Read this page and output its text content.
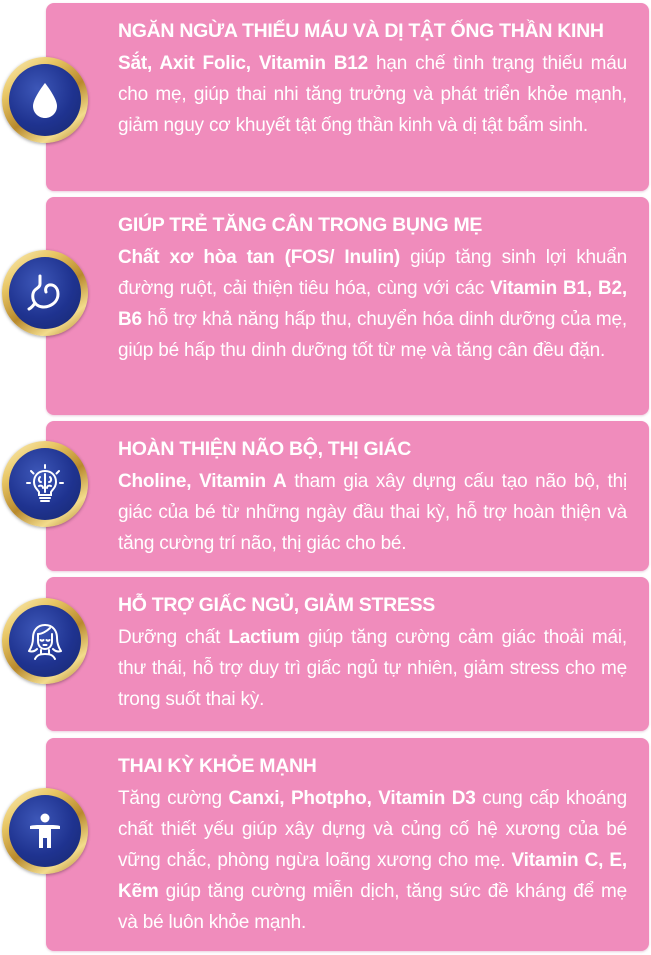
NGĂN NGỪA THIẾU MÁU VÀ DỊ TẬT ỐNG THẦN KINH
Sắt, Axit Folic, Vitamin B12 hạn chế tình trạng thiếu máu cho mẹ, giúp thai nhi tăng trưởng và phát triển khỏe mạnh, giảm nguy cơ khuyết tật ống thần kinh và dị tật bẩm sinh.
GIÚP TRẺ TĂNG CÂN TRONG BỤNG MẸ
Chất xơ hòa tan (FOS/ Inulin) giúp tăng sinh lợi khuẩn đường ruột, cải thiện tiêu hóa, cùng với các Vitamin B1, B2, B6 hỗ trợ khả năng hấp thu, chuyển hóa dinh dưỡng của mẹ, giúp bé hấp thu dinh dưỡng tốt từ mẹ và tăng cân đều đặn.
HOÀN THIỆN NÃO BỘ, THỊ GIÁC
Choline, Vitamin A tham gia xây dựng cấu tạo não bộ, thị giác của bé từ những ngày đầu thai kỳ, hỗ trợ hoàn thiện và tăng cường trí não, thị giác cho bé.
HỖ TRỢ GIẤC NGỦ, GIẢM STRESS
Dưỡng chất Lactium giúp tăng cường cảm giác thoải mái, thư thái, hỗ trợ duy trì giấc ngủ tự nhiên, giảm stress cho mẹ trong suốt thai kỳ.
THAI KỲ KHỎE MẠNH
Tăng cường Canxi, Photpho, Vitamin D3 cung cấp khoáng chất thiết yếu giúp xây dựng và củng cố hệ xương của bé vững chắc, phòng ngừa loãng xương cho mẹ. Vitamin C, E, Kẽm giúp tăng cường miễn dịch, tăng sức đề kháng để mẹ và bé luôn khỏe mạnh.
